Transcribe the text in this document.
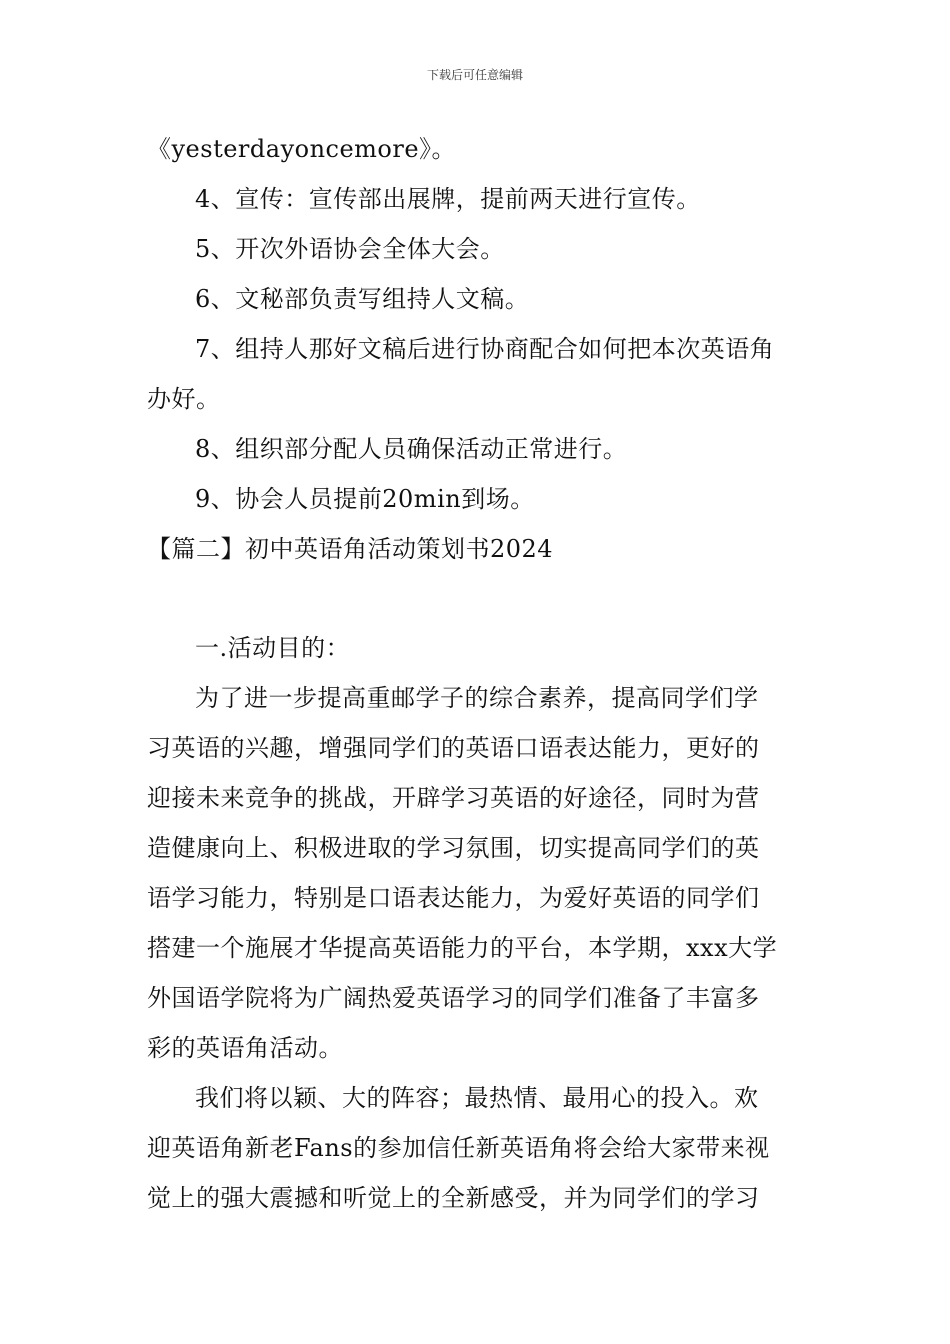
下载后可任意编辑
《yesterdayoncemore》。
4、宣传：宣传部出展牌，提前两天进行宣传。
5、开次外语协会全体大会。
6、文秘部负责写组持人文稿。
7、组持人那好文稿后进行协商配合如何把本次英语角
办好。
8、组织部分配人员确保活动正常进行。
9、协会人员提前20min到场。
【篇二】初中英语角活动策划书2024
一.活动目的：
为了进一步提高重邮学子的综合素养，提高同学们学
习英语的兴趣，增强同学们的英语口语表达能力，更好的
迎接未来竞争的挑战，开辟学习英语的好途径，同时为营
造健康向上、积极进取的学习氛围，切实提高同学们的英
语学习能力，特别是口语表达能力，为爱好英语的同学们
搭建一个施展才华提高英语能力的平台，本学期，xxx大学
外国语学院将为广阔热爱英语学习的同学们准备了丰富多
彩的英语角活动。
我们将以颖、大的阵容；最热情、最用心的投入。欢
迎英语角新老Fans的参加信任新英语角将会给大家带来视
觉上的强大震撼和听觉上的全新感受，并为同学们的学习
